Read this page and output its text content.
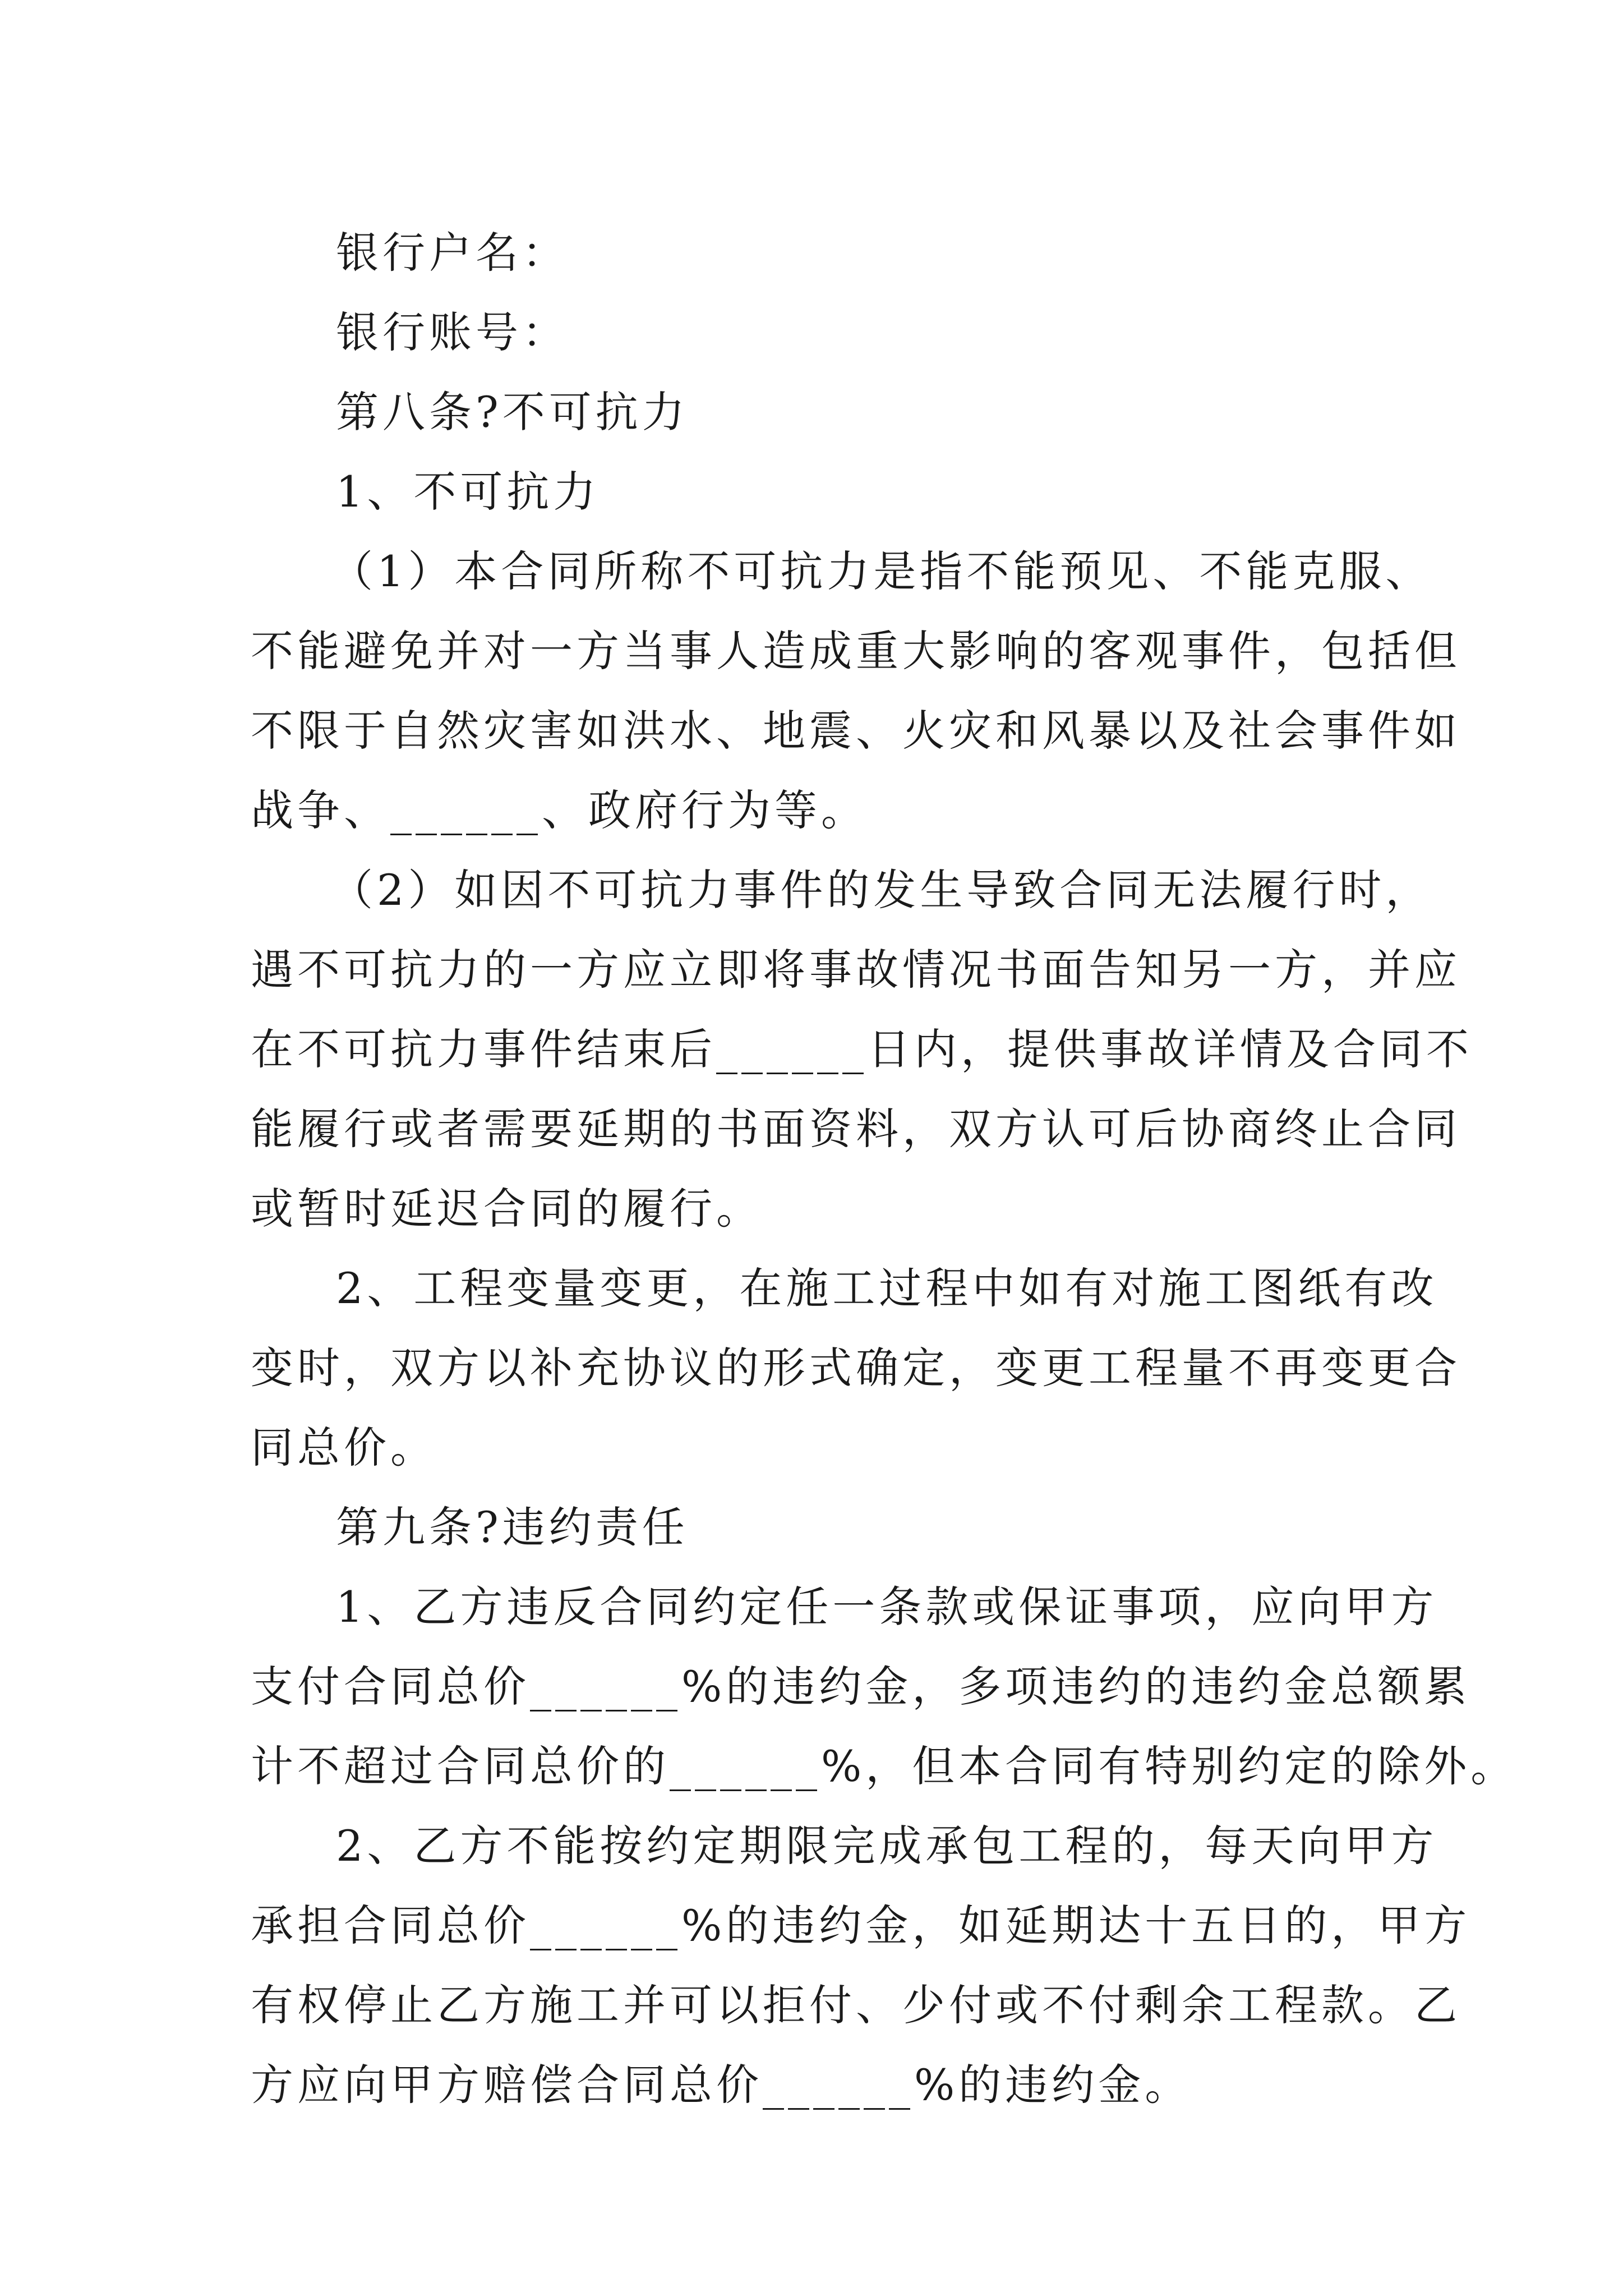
银行户名：
银行账号：
第八条?不可抗力
1、不可抗力
（1）本合同所称不可抗力是指不能预见、不能克服、
不能避免并对一方当事人造成重大影响的客观事件，包括但
不限于自然灾害如洪水、地震、火灾和风暴以及社会事件如
战争、______、政府行为等。
（2）如因不可抗力事件的发生导致合同无法履行时，
遇不可抗力的一方应立即将事故情况书面告知另一方，并应
在不可抗力事件结束后______日内，提供事故详情及合同不
能履行或者需要延期的书面资料，双方认可后协商终止合同
或暂时延迟合同的履行。
2、工程变量变更，在施工过程中如有对施工图纸有改
变时，双方以补充协议的形式确定，变更工程量不再变更合
同总价。
第九条?违约责任
1、乙方违反合同约定任一条款或保证事项，应向甲方
支付合同总价______%的违约金，多项违约的违约金总额累
计不超过合同总价的______%，但本合同有特别约定的除外。
2、乙方不能按约定期限完成承包工程的，每天向甲方
承担合同总价______%的违约金，如延期达十五日的，甲方
有权停止乙方施工并可以拒付、少付或不付剩余工程款。乙
方应向甲方赔偿合同总价______%的违约金。
